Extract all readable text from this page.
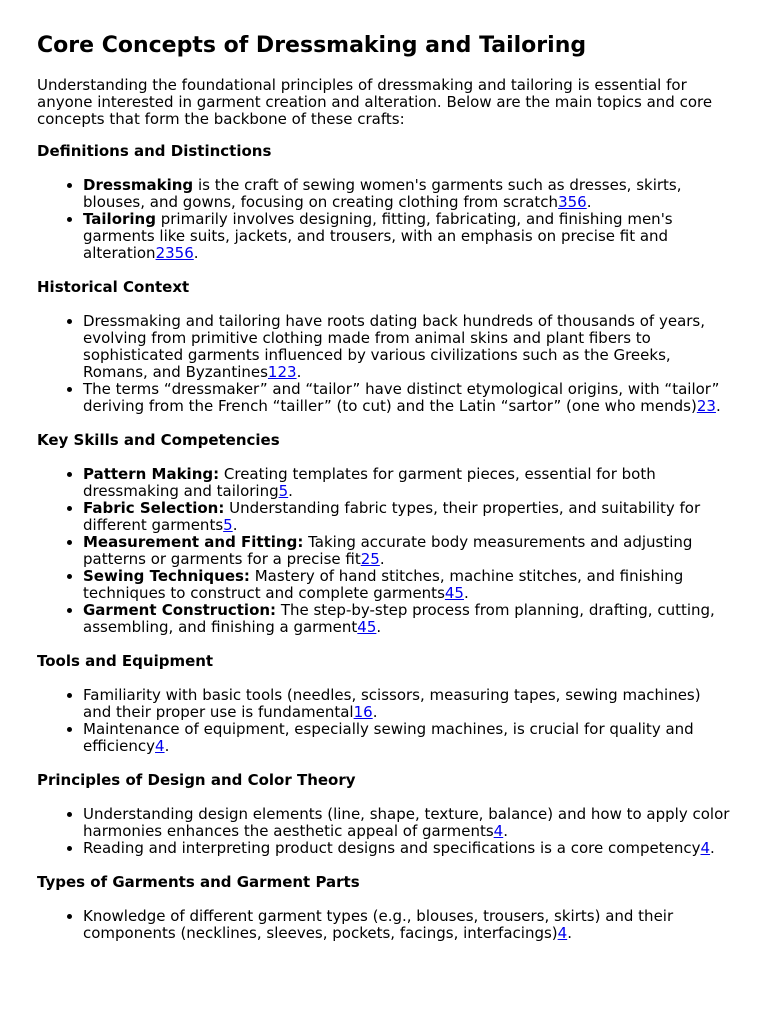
Core Concepts of Dressmaking and Tailoring

Understanding the foundational principles of dressmaking and tailoring is essential for anyone interested in garment creation and alteration. Below are the main topics and core concepts that form the backbone of these crafts:

Definitions and Distinctions
• Dressmaking is the craft of sewing women's garments such as dresses, skirts, blouses, and gowns, focusing on creating clothing from scratch356.
• Tailoring primarily involves designing, fitting, fabricating, and finishing men's garments like suits, jackets, and trousers, with an emphasis on precise fit and alteration2356.
Historical Context
• Dressmaking and tailoring have roots dating back hundreds of thousands of years, evolving from primitive clothing made from animal skins and plant fibers to sophisticated garments influenced by various civilizations such as the Greeks, Romans, and Byzantines123.
• The terms “dressmaker” and “tailor” have distinct etymological origins, with “tailor” deriving from the French “tailler” (to cut) and the Latin “sartor” (one who mends)23.
Key Skills and Competencies
• Pattern Making: Creating templates for garment pieces, essential for both dressmaking and tailoring5.
• Fabric Selection: Understanding fabric types, their properties, and suitability for different garments5.
• Measurement and Fitting: Taking accurate body measurements and adjusting patterns or garments for a precise fit25.
• Sewing Techniques: Mastery of hand stitches, machine stitches, and finishing techniques to construct and complete garments45.
• Garment Construction: The step-by-step process from planning, drafting, cutting, assembling, and finishing a garment45.
Tools and Equipment
• Familiarity with basic tools (needles, scissors, measuring tapes, sewing machines) and their proper use is fundamental16.
• Maintenance of equipment, especially sewing machines, is crucial for quality and efficiency4.
Principles of Design and Color Theory
• Understanding design elements (line, shape, texture, balance) and how to apply color harmonies enhances the aesthetic appeal of garments4.
• Reading and interpreting product designs and specifications is a core competency4.
Types of Garments and Garment Parts
• Knowledge of different garment types (e.g., blouses, trousers, skirts) and their components (necklines, sleeves, pockets, facings, interfacings)4.
